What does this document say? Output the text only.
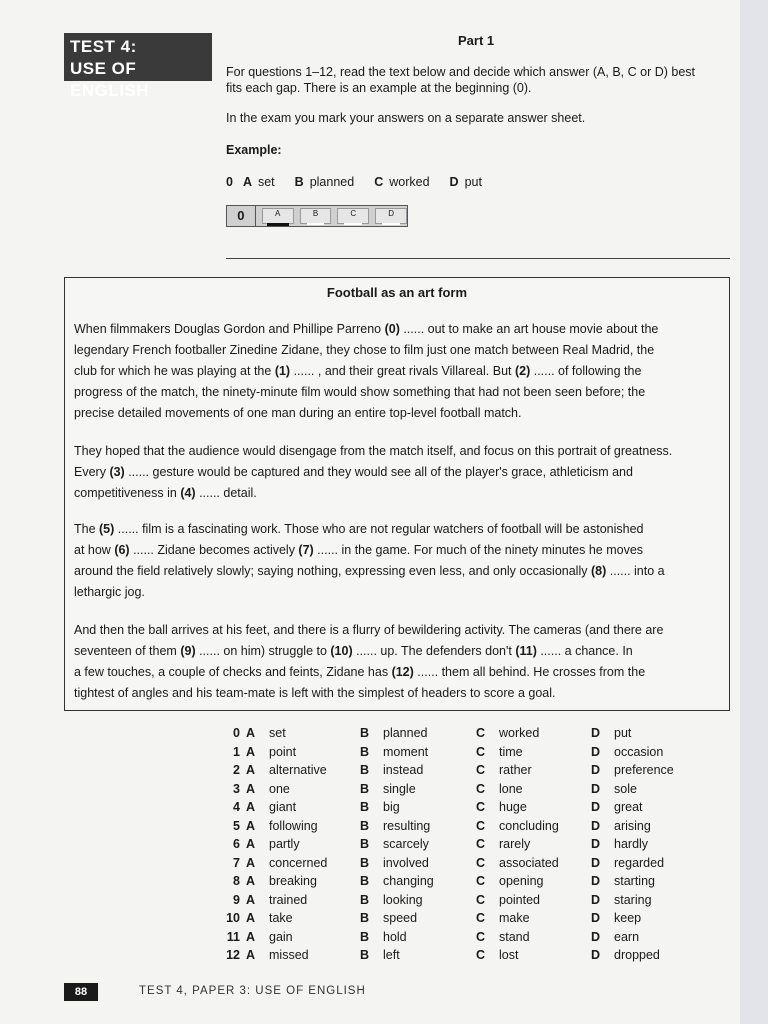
TEST 4:
USE OF ENGLISH
Part 1
For questions 1–12, read the text below and decide which answer (A, B, C or D) best
fits each gap. There is an example at the beginning (0).
In the exam you mark your answers on a separate answer sheet.
Example:
0 A set B planned C worked D put
0	A	B	C	D
Football as an art form
When filmmakers Douglas Gordon and Phillipe Parreno (0) ...... out to make an art house movie about the
legendary French footballer Zinedine Zidane, they chose to film just one match between Real Madrid, the
club for which he was playing at the (1) ...... , and their great rivals Villareal. But (2) ...... of following the
progress of the match, the ninety-minute film would show something that had not been seen before; the
precise detailed movements of one man during an entire top-level football match.
They hoped that the audience would disengage from the match itself, and focus on this portrait of greatness.
Every (3) ...... gesture would be captured and they would see all of the player's grace, athleticism and
competitiveness in (4) ...... detail.
The (5) ...... film is a fascinating work. Those who are not regular watchers of football will be astonished
at how (6) ...... Zidane becomes actively (7) ...... in the game. For much of the ninety minutes he moves
around the field relatively slowly; saying nothing, expressing even less, and only occasionally (8) ...... into a
lethargic jog.
And then the ball arrives at his feet, and there is a flurry of bewildering activity. The cameras (and there are
seventeen of them (9) ...... on him) struggle to (10) ...... up. The defenders don't (11) ...... a chance. In
a few touches, a couple of checks and feints, Zidane has (12) ...... them all behind. He crosses from the
tightest of angles and his team-mate is left with the simplest of headers to score a goal.
0 A set	B planned	C worked	D put
1 A point	B moment	C time	D occasion
2 A alternative	B instead	C rather	D preference
3 A one	B single	C lone	D sole
4 A giant	B big	C huge	D great
5 A following	B resulting	C concluding	D arising
6 A partly	B scarcely	C rarely	D hardly
7 A concerned	B involved	C associated	D regarded
8 A breaking	B changing	C opening	D starting
9 A trained	B looking	C pointed	D staring
10 A take	B speed	C make	D keep
11 A gain	B hold	C stand	D earn
12 A missed	B left	C lost	D dropped
88	TEST 4, PAPER 3: USE OF ENGLISH
